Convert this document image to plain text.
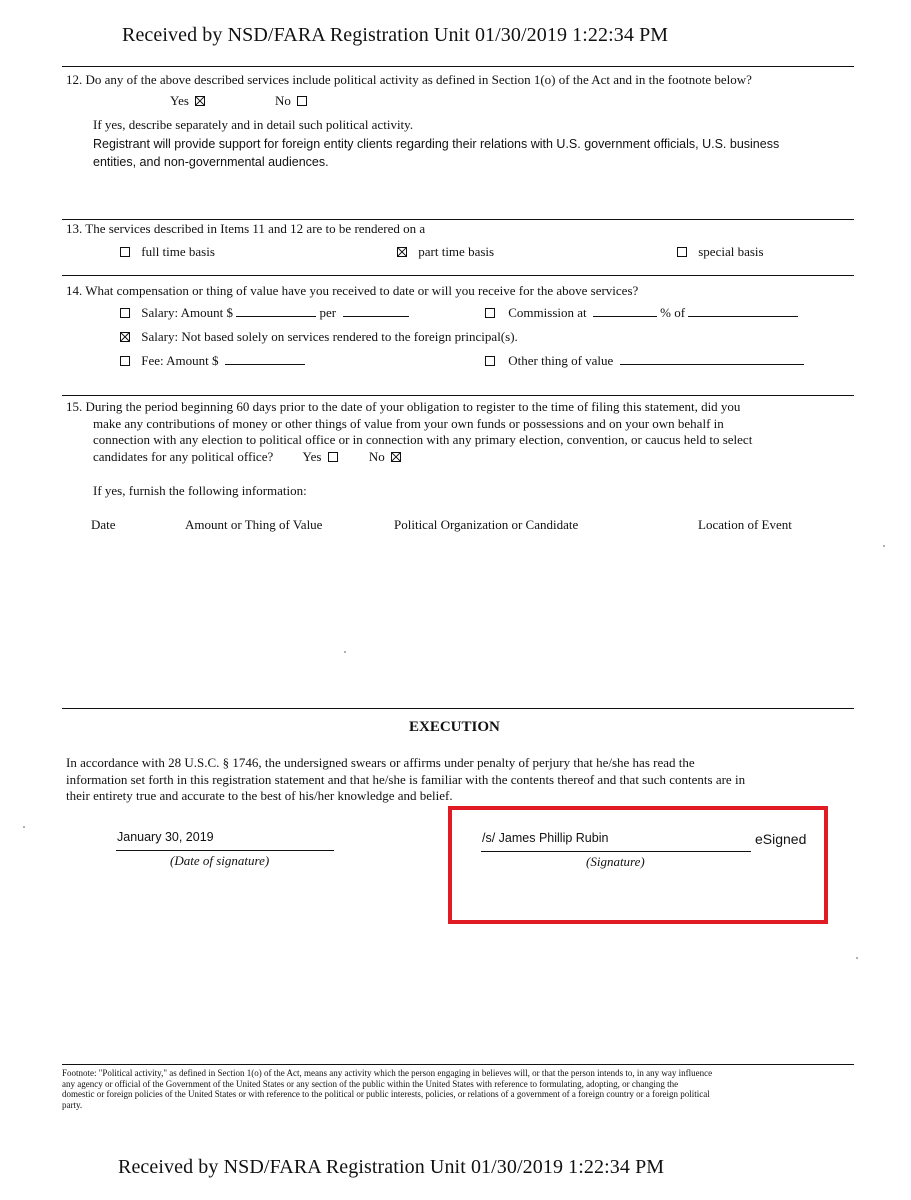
Received by NSD/FARA Registration Unit 01/30/2019 1:22:34 PM
12. Do any of the above described services include political activity as defined in Section 1(o) of the Act and in the footnote below?
Yes	No
If yes, describe separately and in detail such political activity.
Registrant will provide support for foreign entity clients regarding their relations with U.S. government officials, U.S. business
entities, and non-governmental audiences.
13. The services described in Items 11 and 12 are to be rendered on a
full time basis	part time basis	special basis
14. What compensation or thing of value have you received to date or will you receive for the above services?
Salary: Amount $	per	Commission at	% of
Salary: Not based solely on services rendered to the foreign principal(s).
Fee: Amount $	Other thing of value
15. During the period beginning 60 days prior to the date of your obligation to register to the time of filing this statement, did you
make any contributions of money or other things of value from your own funds or possessions and on your own behalf in
connection with any election to political office or in connection with any primary election, convention, or caucus held to select
candidates for any political office? Yes	No
If yes, furnish the following information:
Date	Amount or Thing of Value	Political Organization or Candidate	Location of Event
EXECUTION
In accordance with 28 U.S.C. § 1746, the undersigned swears or affirms under penalty of perjury that he/she has read the
information set forth in this registration statement and that he/she is familiar with the contents thereof and that such contents are in
their entirety true and accurate to the best of his/her knowledge and belief.
January 30, 2019
(Date of signature)
/s/ James Phillip Rubin	eSigned
(Signature)
Footnote: "Political activity," as defined in Section 1(o) of the Act, means any activity which the person engaging in believes will, or that the person intends to, in any way influence
any agency or official of the Government of the United States or any section of the public within the United States with reference to formulating, adopting, or changing the
domestic or foreign policies of the United States or with reference to the political or public interests, policies, or relations of a government of a foreign country or a foreign political
party.
Received by NSD/FARA Registration Unit 01/30/2019 1:22:34 PM
